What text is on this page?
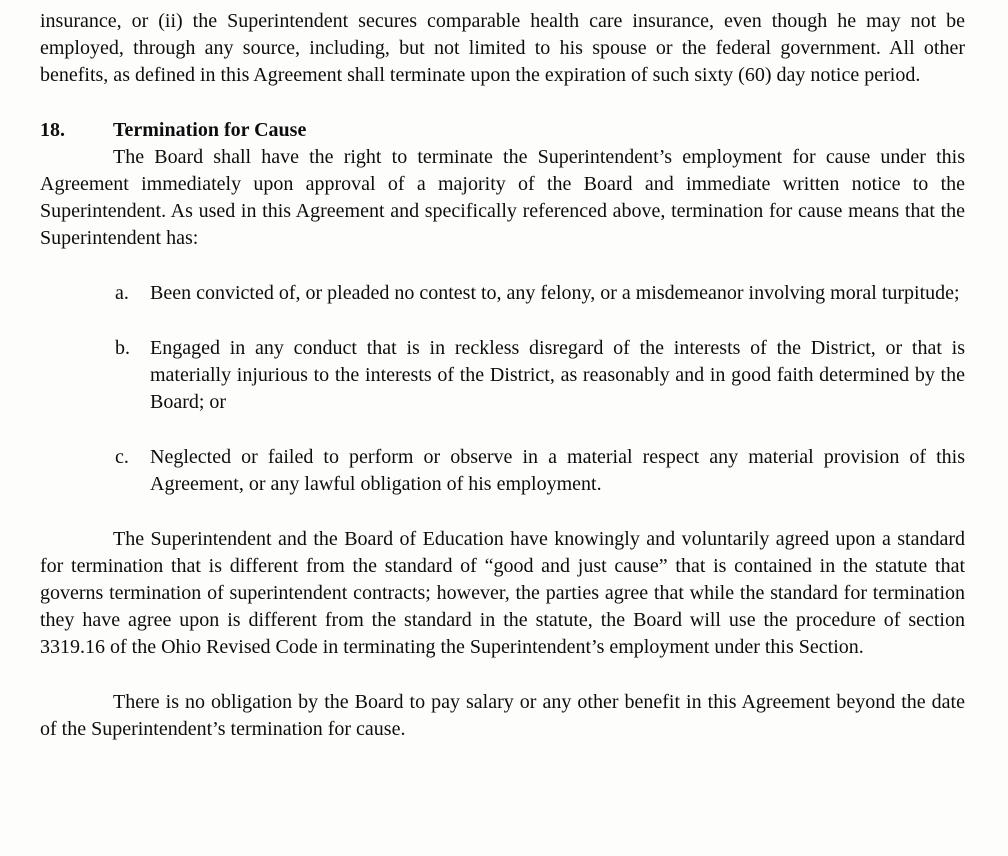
insurance, or (ii) the Superintendent secures comparable health care insurance, even though he may not be employed, through any source, including, but not limited to his spouse or the federal government. All other benefits, as defined in this Agreement shall terminate upon the expiration of such sixty (60) day notice period.

18.	Termination for Cause

The Board shall have the right to terminate the Superintendent’s employment for cause under this Agreement immediately upon approval of a majority of the Board and immediate written notice to the Superintendent. As used in this Agreement and specifically referenced above, termination for cause means that the Superintendent has:

a.	Been convicted of, or pleaded no contest to, any felony, or a misdemeanor involving moral turpitude;
b.	Engaged in any conduct that is in reckless disregard of the interests of the District, or that is materially injurious to the interests of the District, as reasonably and in good faith determined by the Board; or
c.	Neglected or failed to perform or observe in a material respect any material provision of this Agreement, or any lawful obligation of his employment.

The Superintendent and the Board of Education have knowingly and voluntarily agreed upon a standard for termination that is different from the standard of “good and just cause” that is contained in the statute that governs termination of superintendent contracts; however, the parties agree that while the standard for termination they have agree upon is different from the standard in the statute, the Board will use the procedure of section 3319.16 of the Ohio Revised Code in terminating the Superintendent’s employment under this Section.

There is no obligation by the Board to pay salary or any other benefit in this Agreement beyond the date of the Superintendent’s termination for cause.
